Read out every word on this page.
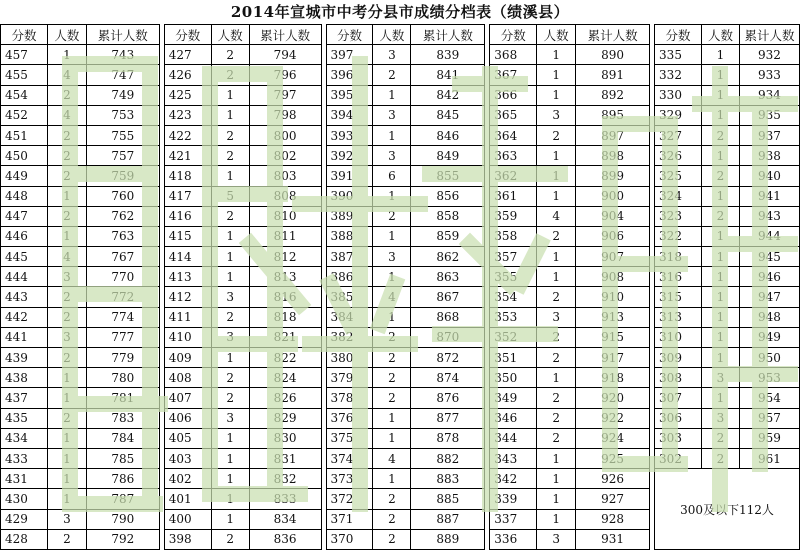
2014年宣城市中考分县市成绩分档表（绩溪县）
分数	人数	累计人数		分数	人数	累计人数		分数	人数	累计人数		分数	人数	累计人数		分数	人数	累计人数
457	1	743		427	2	794		397	3	839		368	1	890		335	1	932
455	4	747		426	2	796		396	2	841		367	1	891		332	1	933
454	2	749		425	1	797		395	1	842		366	1	892		330	1	934
452	4	753		423	1	798		394	3	845		365	3	895		329	1	935
451	2	755		422	2	800		393	1	846		364	2	897		327	2	937
450	2	757		421	2	802		392	3	849		363	1	898		326	1	938
449	2	759		418	1	803		391	6	855		362	1	899		325	2	940
448	1	760		417	5	808		390	1	856		361	1	900		324	1	941
447	2	762		416	2	810		389	2	858		359	4	904		323	2	943
446	1	763		415	1	811		388	1	859		358	2	906		322	1	944
445	4	767		414	1	812		387	3	862		357	1	907		318	1	945
444	3	770		413	1	813		386	1	863		355	1	908		316	1	946
443	2	772		412	3	816		385	4	867		354	2	910		315	1	947
442	2	774		411	2	818		384	1	868		353	3	913		313	1	948
441	3	777		410	3	821		382	2	870		352	2	915		310	1	949
439	2	779		409	1	822		380	2	872		351	2	917		309	1	950
438	1	780		408	2	824		379	2	874		350	1	918		308	3	953
437	1	781		407	2	826		378	2	876		349	2	920		307	1	954
435	2	783		406	3	829		376	1	877		346	2	922		306	3	957
434	1	784		405	1	830		375	1	878		344	2	924		303	2	959
433	1	785		403	1	831		374	4	882		343	1	925		302	2	961
431	1	786		402	1	832		373	1	883		342	1	926		300及以下112人		
430	1	787		401	1	833		372	2	885		339	1	927				
429	3	790		400	1	834		371	2	887		337	1	928				
428	2	792		398	2	836		370	2	889		336	3	931				
